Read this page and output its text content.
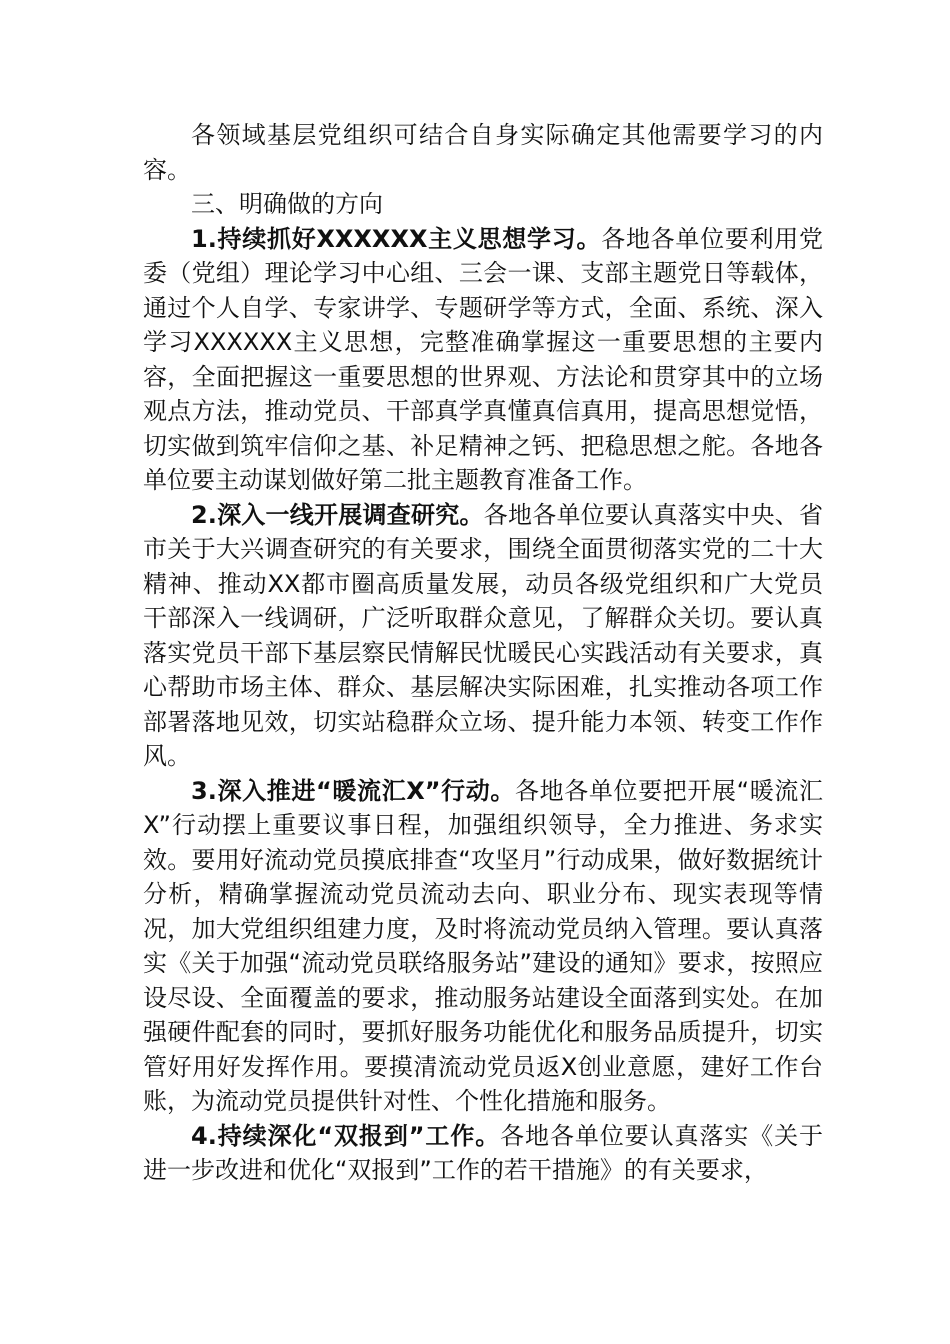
各领域基层党组织可结合自身实际确定其他需要学习的内容。

三、明确做的方向

1.持续抓好XXXXXX主义思想学习。各地各单位要利用党委（党组）理论学习中心组、三会一课、支部主题党日等载体，通过个人自学、专家讲学、专题研学等方式，全面、系统、深入学习XXXXXX主义思想，完整准确掌握这一重要思想的主要内容，全面把握这一重要思想的世界观、方法论和贯穿其中的立场观点方法，推动党员、干部真学真懂真信真用，提高思想觉悟，切实做到筑牢信仰之基、补足精神之钙、把稳思想之舵。各地各单位要主动谋划做好第二批主题教育准备工作。

2.深入一线开展调查研究。各地各单位要认真落实中央、省市关于大兴调查研究的有关要求，围绕全面贯彻落实党的二十大精神、推动XX都市圈高质量发展，动员各级党组织和广大党员干部深入一线调研，广泛听取群众意见，了解群众关切。要认真落实党员干部下基层察民情解民忧暖民心实践活动有关要求，真心帮助市场主体、群众、基层解决实际困难，扎实推动各项工作部署落地见效，切实站稳群众立场、提升能力本领、转变工作作风。

3.深入推进“暖流汇X”行动。各地各单位要把开展“暖流汇X”行动摆上重要议事日程，加强组织领导，全力推进、务求实效。要用好流动党员摸底排查“攻坚月”行动成果，做好数据统计分析，精确掌握流动党员流动去向、职业分布、现实表现等情况，加大党组织组建力度，及时将流动党员纳入管理。要认真落实《关于加强“流动党员联络服务站”建设的通知》要求，按照应设尽设、全面覆盖的要求，推动服务站建设全面落到实处。在加强硬件配套的同时，要抓好服务功能优化和服务品质提升，切实管好用好发挥作用。要摸清流动党员返X创业意愿，建好工作台账，为流动党员提供针对性、个性化措施和服务。

4.持续深化“双报到”工作。各地各单位要认真落实《关于进一步改进和优化“双报到”工作的若干措施》的有关要求，
